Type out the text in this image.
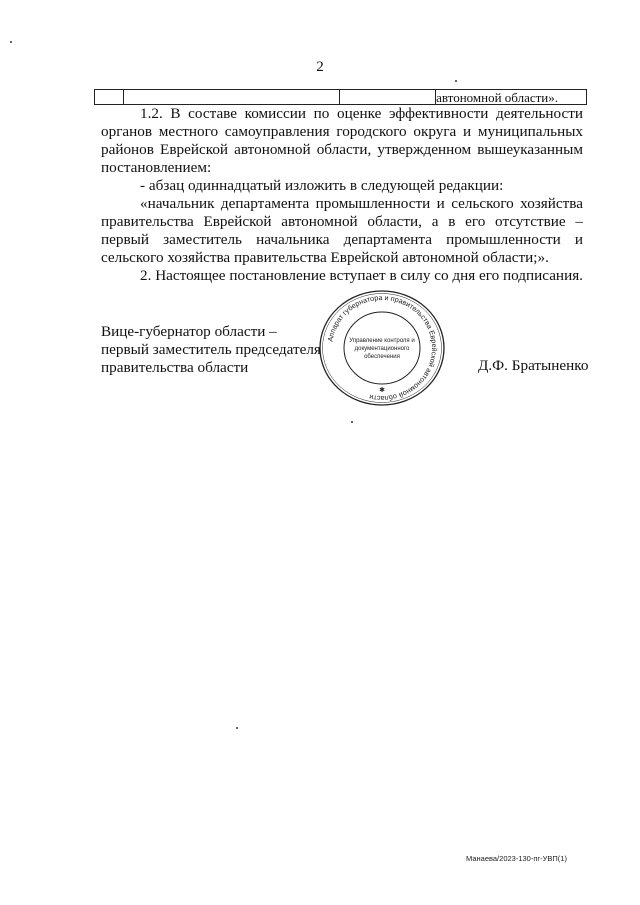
2
автономной области».

1.2. В составе комиссии по оценке эффективности деятельности органов местного самоуправления городского округа и муниципальных районов Еврейской автономной области, утвержденном вышеуказанным постановлением:

- абзац одиннадцатый изложить в следующей редакции:

«начальник департамента промышленности и сельского хозяйства правительства Еврейской автономной области, а в его отсутствие – первый заместитель начальника департамента промышленности и сельского хозяйства правительства Еврейской автономной области;».

2. Настоящее постановление вступает в силу со дня его подписания.

Вице-губернатор области –
первый заместитель председателя
правительства области	Д.Ф. Братыненко
Аппарат губернатора и правительства Еврейской автономной области
Управление контроля и
документационного
обеспечения
✱
Манаева/2023-130-пг-УВП(1)
